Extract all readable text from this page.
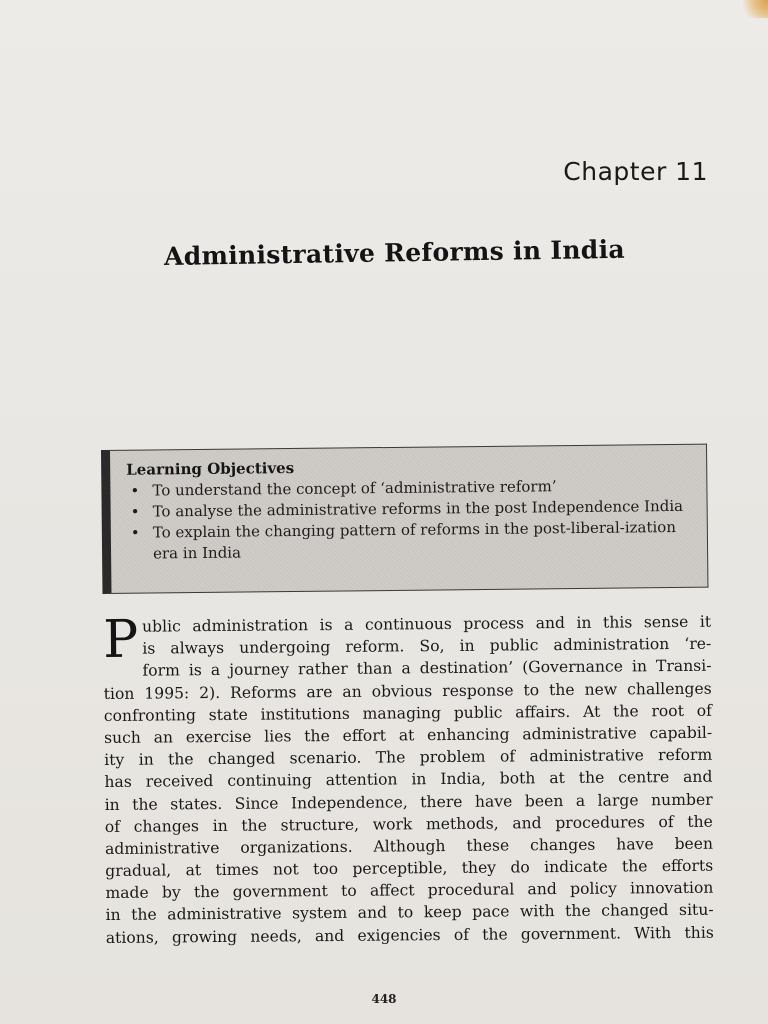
Chapter 11
Administrative Reforms in India
Learning Objectives
• To understand the concept of ‘administrative reform’
• To analyse the administrative reforms in the post Independence India
• To explain the changing pattern of reforms in the post-liberal-ization era in India
P ublic administration is a continuous process and in this sense it
is always undergoing reform. So, in public administration ‘re-
form is a journey rather than a destination’ (Governance in Transi-
tion 1995: 2). Reforms are an obvious response to the new challenges
confronting state institutions managing public affairs. At the root of
such an exercise lies the effort at enhancing administrative capabil-
ity in the changed scenario. The problem of administrative reform
has received continuing attention in India, both at the centre and
in the states. Since Independence, there have been a large number
of changes in the structure, work methods, and procedures of the
administrative organizations. Although these changes have been
gradual, at times not too perceptible, they do indicate the efforts
made by the government to affect procedural and policy innovation
in the administrative system and to keep pace with the changed situ-
ations, growing needs, and exigencies of the government. With this
448
